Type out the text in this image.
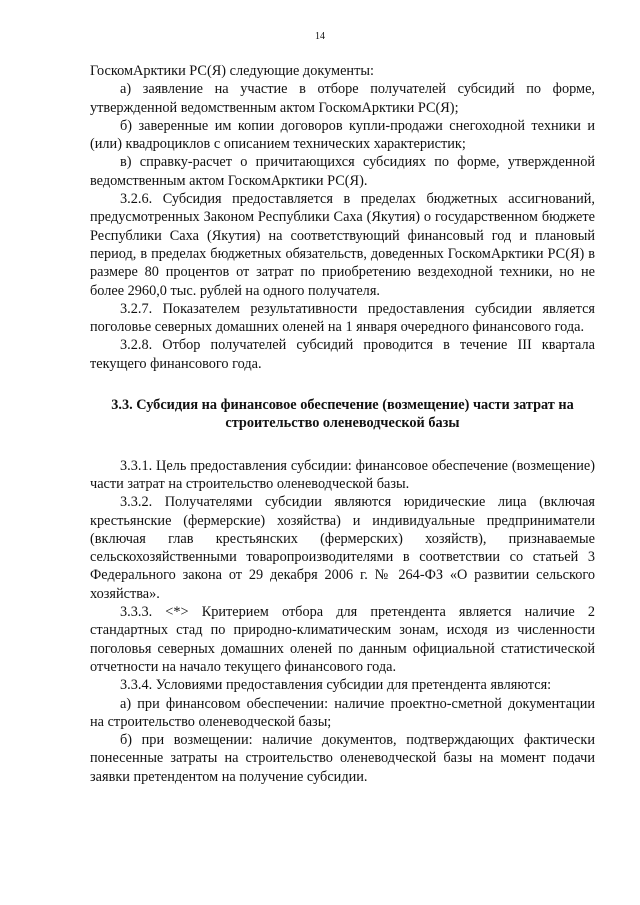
14

ГоскомАрктики РС(Я) следующие документы:

а) заявление на участие в отборе получателей субсидий по форме, утвержденной ведомственным актом ГоскомАрктики РС(Я);

б) заверенные им копии договоров купли-продажи снегоходной техники и (или) квадроциклов с описанием технических характеристик;

в) справку-расчет о причитающихся субсидиях по форме, утвержденной ведомственным актом ГоскомАрктики РС(Я).

3.2.6. Субсидия предоставляется в пределах бюджетных ассигнований, предусмотренных Законом Республики Саха (Якутия) о государственном бюджете Республики Саха (Якутия) на соответствующий финансовый год и плановый период, в пределах бюджетных обязательств, доведенных ГоскомАрктики РС(Я) в размере 80 процентов от затрат по приобретению вездеходной техники, но не более 2960,0 тыс. рублей на одного получателя.

3.2.7. Показателем результативности предоставления субсидии является поголовье северных домашних оленей на 1 января очередного финансового года.

3.2.8. Отбор получателей субсидий проводится в течение III квартала текущего финансового года.

3.3. Субсидия на финансовое обеспечение (возмещение) части затрат на строительство оленеводческой базы

3.3.1. Цель предоставления субсидии: финансовое обеспечение (возмещение) части затрат на строительство оленеводческой базы.

3.3.2. Получателями субсидии являются юридические лица (включая крестьянские (фермерские) хозяйства) и индивидуальные предприниматели (включая глав крестьянских (фермерских) хозяйств), признаваемые сельскохозяйственными товаропроизводителями в соответствии со статьей 3 Федерального закона от 29 декабря 2006 г. № 264-ФЗ «О развитии сельского хозяйства».

3.3.3. <*> Критерием отбора для претендента является наличие 2 стандартных стад по природно-климатическим зонам, исходя из численности поголовья северных домашних оленей по данным официальной статистической отчетности на начало текущего финансового года.

3.3.4. Условиями предоставления субсидии для претендента являются:

а) при финансовом обеспечении: наличие проектно-сметной документации на строительство оленеводческой базы;

б) при возмещении: наличие документов, подтверждающих фактически понесенные затраты на строительство оленеводческой базы на момент подачи заявки претендентом на получение субсидии.
